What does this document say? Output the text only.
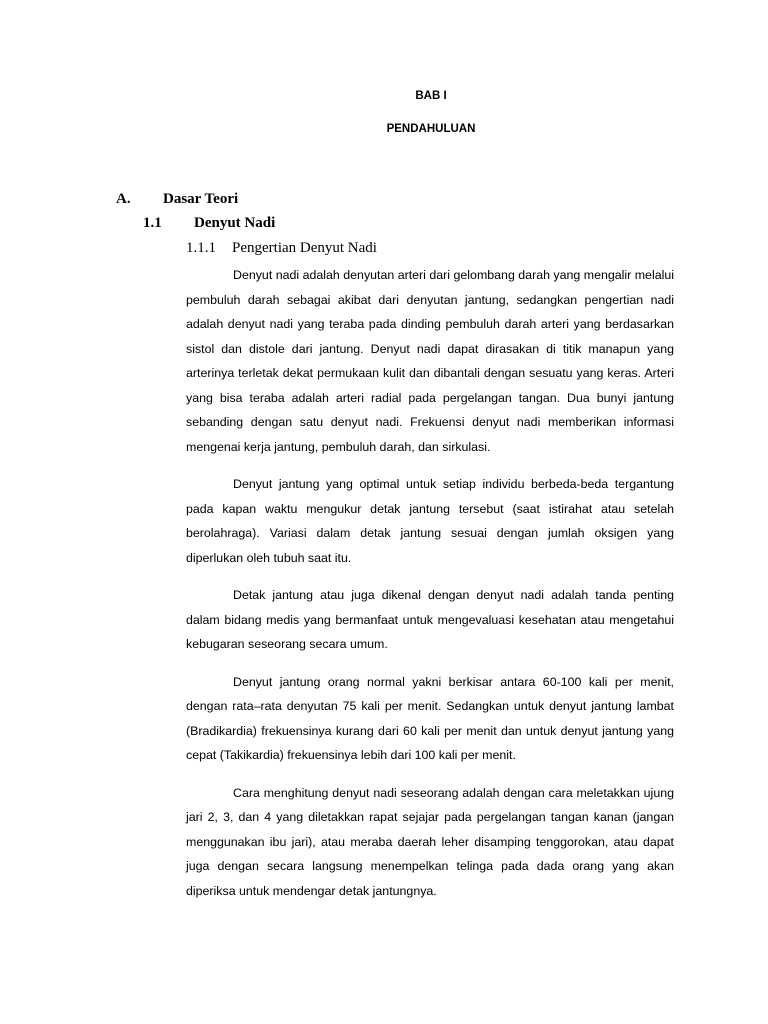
BAB I
PENDAHULUAN
A.	Dasar Teori
1.1	Denyut Nadi
1.1.1	Pengertian Denyut Nadi

Denyut nadi adalah denyutan arteri dari gelombang darah yang mengalir melalui pembuluh darah sebagai akibat dari denyutan jantung, sedangkan pengertian nadi adalah denyut nadi yang teraba pada dinding pembuluh darah arteri yang berdasarkan sistol dan distole dari jantung. Denyut nadi dapat dirasakan di titik manapun yang arterinya terletak dekat permukaan kulit dan dibantali dengan sesuatu yang keras. Arteri yang bisa teraba adalah arteri radial pada pergelangan tangan. Dua bunyi jantung sebanding dengan satu denyut nadi. Frekuensi denyut nadi memberikan informasi mengenai kerja jantung, pembuluh darah, dan sirkulasi.

Denyut jantung yang optimal untuk setiap individu berbeda-beda tergantung pada kapan waktu mengukur detak jantung tersebut (saat istirahat atau setelah berolahraga). Variasi dalam detak jantung sesuai dengan jumlah oksigen yang diperlukan oleh tubuh saat itu.

Detak jantung atau juga dikenal dengan denyut nadi adalah tanda penting dalam bidang medis yang bermanfaat untuk mengevaluasi kesehatan atau mengetahui kebugaran seseorang secara umum.

Denyut jantung orang normal yakni berkisar antara 60-100 kali per menit, dengan rata–rata denyutan 75 kali per menit. Sedangkan untuk denyut jantung lambat (Bradikardia) frekuensinya kurang dari 60 kali per menit dan untuk denyut jantung yang cepat (Takikardia) frekuensinya lebih dari 100 kali per menit.

Cara menghitung denyut nadi seseorang adalah dengan cara meletakkan ujung jari 2, 3, dan 4 yang diletakkan rapat sejajar pada pergelangan tangan kanan (jangan menggunakan ibu jari), atau meraba daerah leher disamping tenggorokan, atau dapat juga dengan secara langsung menempelkan telinga pada dada orang yang akan diperiksa untuk mendengar detak jantungnya.
